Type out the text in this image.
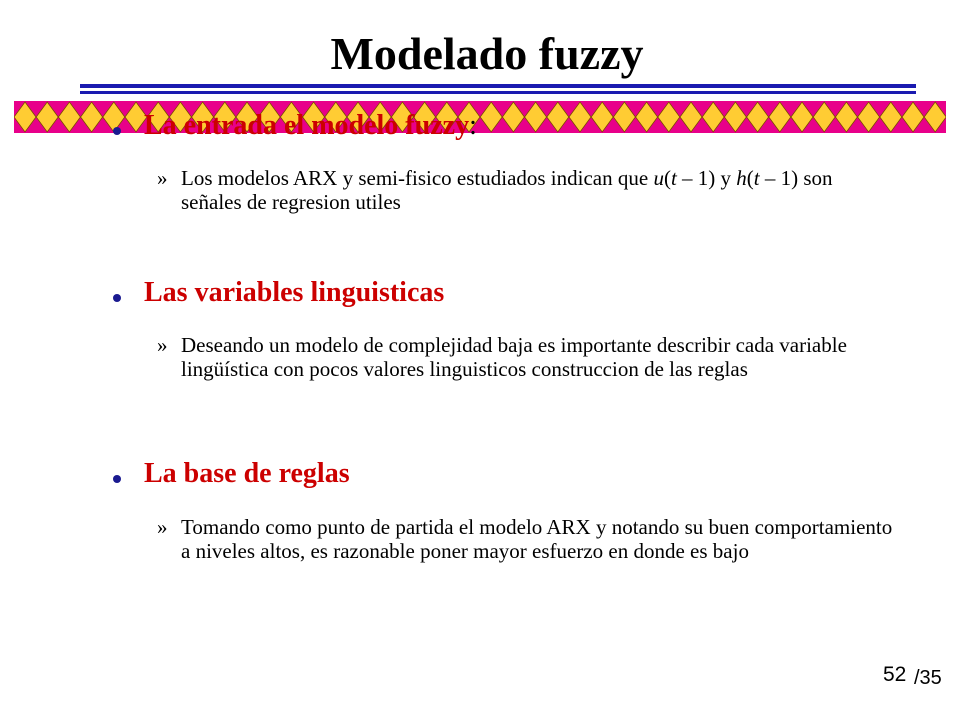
Modelado fuzzy
La entrada el modelo fuzzy:
» Los modelos ARX y semi-fisico estudiados indican que u(t – 1) y h(t – 1) son señales de regresion utiles
Las variables linguisticas
» Deseando un modelo de complejidad baja es importante describir cada variable lingüística con pocos valores linguisticos construccion de las reglas
La base de reglas
» Tomando como punto de partida el modelo ARX y notando su buen comportamiento a niveles altos, es razonable poner mayor esfuerzo en donde es bajo
52 /35
